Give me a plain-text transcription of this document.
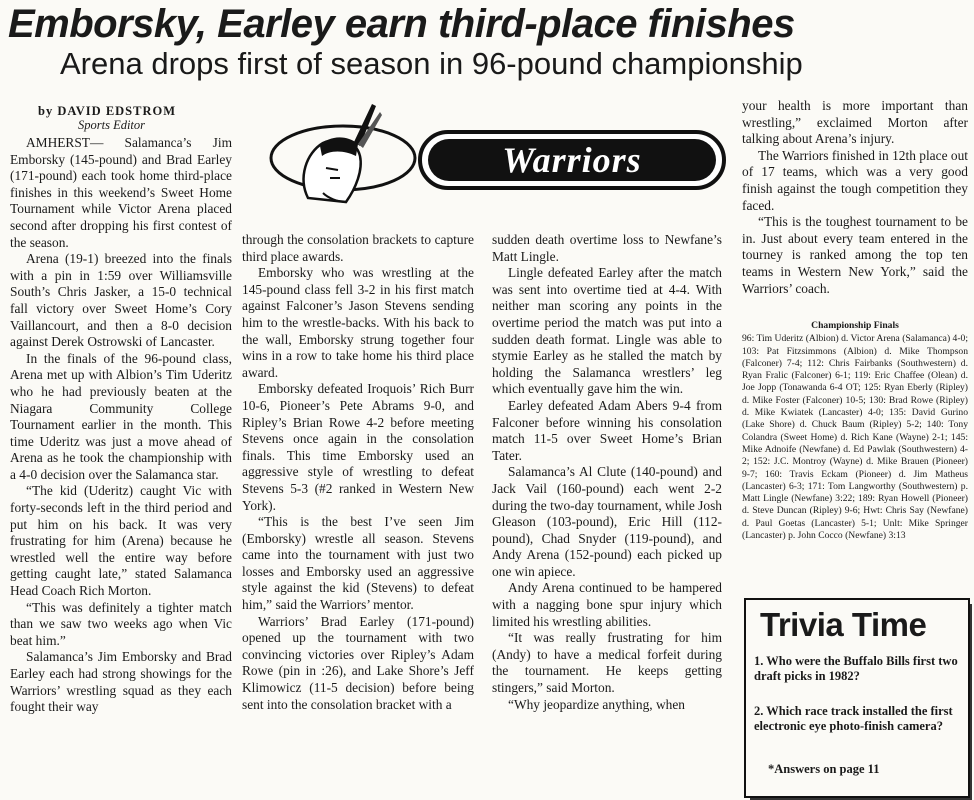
Emborsky, Earley earn third-place finishes
Arena drops first of season in 96-pound championship
by DAVID EDSTROM
Sports Editor

AMHERST— Salamanca’s Jim Emborsky (145-pound) and Brad Earley (171-pound) each took home third-place finishes in this weekend’s Sweet Home Tournament while Victor Arena placed second after dropping his first contest of the season.

Arena (19-1) breezed into the finals with a pin in 1:59 over Williamsville South’s Chris Jasker, a 15-0 technical fall victory over Sweet Home’s Cory Vaillancourt, and then a 8-0 decision against Derek Ostrowski of Lancaster.

In the finals of the 96-pound class, Arena met up with Albion’s Tim Uderitz who he had previously beaten at the Niagara Community College Tournament earlier in the month. This time Uderitz was just a move ahead of Arena as he took the championship with a 4-0 decision over the Salamanca star.

“The kid (Uderitz) caught Vic with forty-seconds left in the third period and put him on his back. It was very frustrating for him (Arena) because he wrestled well the entire way before getting caught late,” stated Salamanca Head Coach Rich Morton.

“This was definitely a tighter match than we saw two weeks ago when Vic beat him.”

Salamanca’s Jim Emborsky and Brad Earley each had strong showings for the Warriors’ wrestling squad as they each fought their way

Warriors

through the consolation brackets to capture third place awards.

Emborsky who was wrestling at the 145-pound class fell 3-2 in his first match against Falconer’s Jason Stevens sending him to the wrestle-backs. With his back to the wall, Emborsky strung together four wins in a row to take home his third place award.

Emborsky defeated Iroquois’ Rich Burr 10-6, Pioneer’s Pete Abrams 9-0, and Ripley’s Brian Rowe 4-2 before meeting Stevens once again in the consolation finals. This time Emborsky used an aggressive style of wrestling to defeat Stevens 5-3 (#2 ranked in Western New York).

“This is the best I’ve seen Jim (Emborsky) wrestle all season. Stevens came into the tournament with just two losses and Emborsky used an aggressive style against the kid (Stevens) to defeat him,” said the Warriors’ mentor.

Warriors’ Brad Earley (171-pound) opened up the tournament with two convincing victories over Ripley’s Adam Rowe (pin in :26), and Lake Shore’s Jeff Klimowicz (11-5 decision) before being sent into the consolation bracket with a

sudden death overtime loss to Newfane’s Matt Lingle.

Lingle defeated Earley after the match was sent into overtime tied at 4-4. With neither man scoring any points in the overtime period the match was put into a sudden death format. Lingle was able to stymie Earley as he stalled the match by holding the Salamanca wrestlers’ leg which eventually gave him the win.

Earley defeated Adam Abers 9-4 from Falconer before winning his consolation match 11-5 over Sweet Home’s Brian Tater.

Salamanca’s Al Clute (140-pound) and Jack Vail (160-pound) each went 2-2 during the two-day tournament, while Josh Gleason (103-pound), Eric Hill (112-pound), Chad Snyder (119-pound), and Andy Arena (152-pound) each picked up one win apiece.

Andy Arena continued to be hampered with a nagging bone spur injury which limited his wrestling abilities.

“It was really frustrating for him (Andy) to have a medical forfeit during the tournament. He keeps getting stingers,” said Morton.

“Why jeopardize anything, when

your health is more important than wrestling,” exclaimed Morton after talking about Arena’s injury.

The Warriors finished in 12th place out of 17 teams, which was a very good finish against the tough competition they faced.

“This is the toughest tournament to be in. Just about every team entered in the tourney is ranked among the top ten teams in Western New York,” said the Warriors’ coach.

Championship Finals
96: Tim Uderitz (Albion) d. Victor Arena (Salamanca) 4-0; 103: Pat Fitzsimmons (Albion) d. Mike Thompson (Falconer) 7-4; 112: Chris Fairbanks (Southwestern) d. Ryan Fralic (Falconer) 6-1; 119: Eric Chaffee (Olean) d. Joe Jopp (Tonawanda 6-4 OT; 125: Ryan Eberly (Ripley) d. Mike Foster (Falconer) 10-5; 130: Brad Rowe (Ripley) d. Mike Kwiatek (Lancaster) 4-0; 135: David Gurino (Lake Shore) d. Chuck Baum (Ripley) 5-2; 140: Tony Colandra (Sweet Home) d. Rich Kane (Wayne) 2-1; 145: Mike Adnoife (Newfane) d. Ed Pawlak (Southwestern) 4-2; 152: J.C. Montroy (Wayne) d. Mike Brauen (Pioneer) 9-7; 160: Travis Eckam (Pioneer) d. Jim Matheus (Lancaster) 6-3; 171: Tom Langworthy (Southwestern) p. Matt Lingle (Newfane) 3:22; 189: Ryan Howell (Pioneer) d. Steve Duncan (Ripley) 9-6; Hwt: Chris Say (Newfane) d. Paul Goetas (Lancaster) 5-1; Unlt: Mike Springer (Lancaster) p. John Cocco (Newfane) 3:13
Trivia Time
1. Who were the Buffalo Bills first two draft picks in 1982?
2. Which race track installed the first electronic eye photo-finish camera?
*Answers on page 11
